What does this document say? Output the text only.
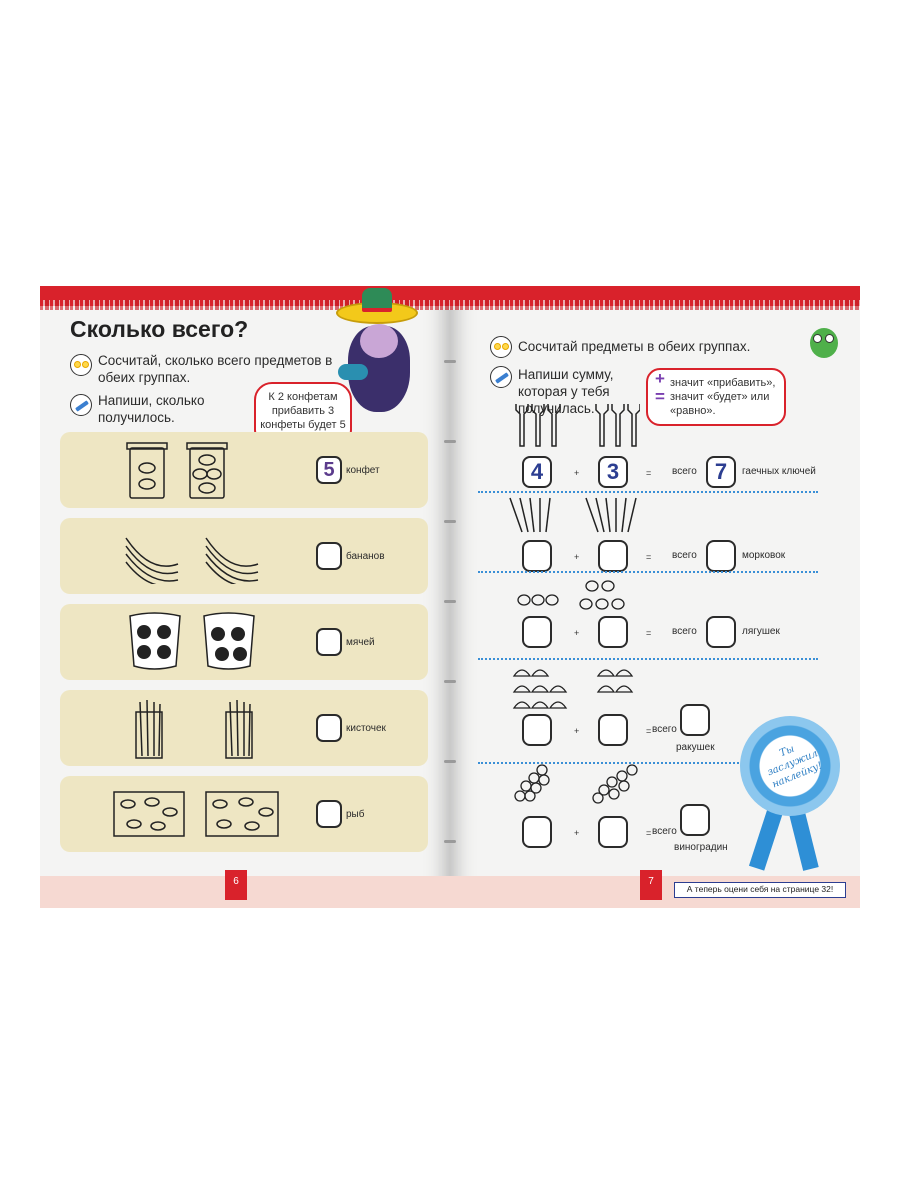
Сколько всего?
Сосчитай, сколько всего предметов в обеих группах.
Напиши, сколько получилось.
К 2 конфетам прибавить 3 конфеты будет 5
5	конфет
бананов
мячей
кисточек
рыб
6
Сосчитай предметы в обеих группах.
Напиши сумму, которая у тебя получилась.
+
=
значит «прибавить»,
значит «будет» или «равно».
4	+	3	= всего 7	гаечных ключей
+	= всего	морковок
+	= всего	лягушек
+	= всего
ракушек
+	= всего
виноградин
Ты заслужил наклейку!
7
А теперь оцени себя на странице 32!
